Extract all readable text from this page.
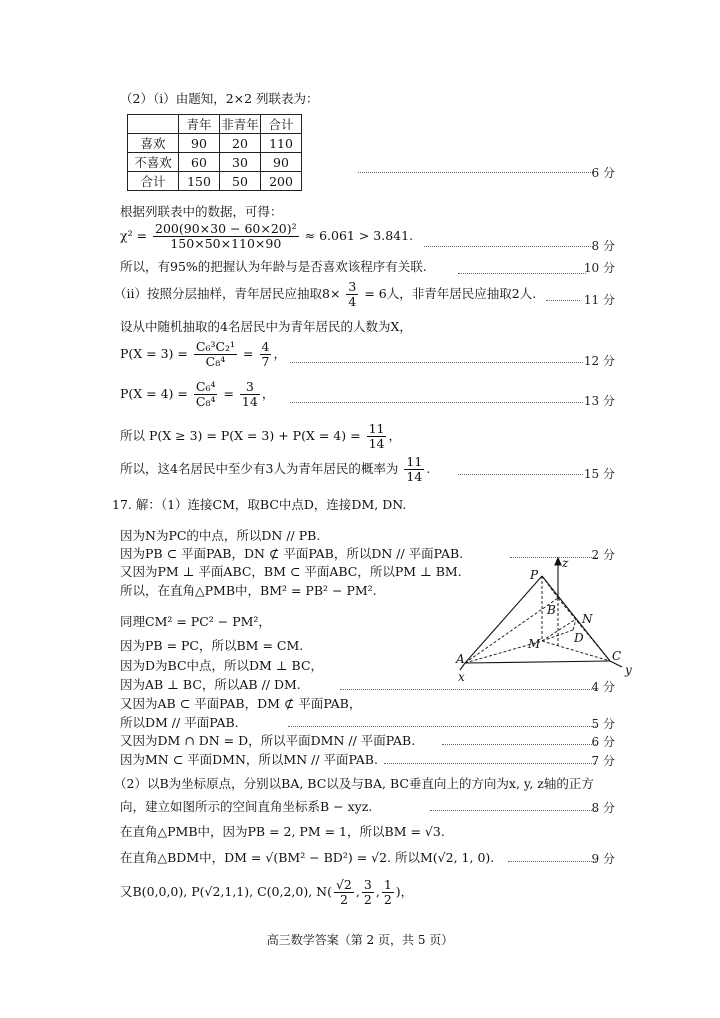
（2）（ⅰ）由题知，2×2 列联表为：
	青年	非青年	合计
喜欢	90	20	110
不喜欢	60	30	90
合计	150	50	200
6 分
根据列联表中的数据，可得：
$\chi^2 = \frac{\text{200(90×30 − 60×20)²}}{150\times 50\times 110\times 90} \approx 6.061 > 3.841$.
8 分
所以，有95%的把握认为年龄与是否喜欢该程序有关联.	10 分
（ⅱ）按照分层抽样，青年居民应抽取$8\times \frac{3}{4} = 6$人，非青年居民应抽取2人.	11 分
设从中随机抽取的4名居民中为青年居民的人数为X，
$P(X = 3) = \frac{\text{C₆³C₂¹}}{\text{C₈⁴}} = \frac{4}{7}$ ，	12 分
$P(X = 4) = \frac{\text{C₆⁴}}{\text{C₈⁴}} = \frac{3}{14}$ ，	13 分
所以 $P(X \ge 3) = P(X = 3) + P(X = 4) = \frac{11}{14}$ ，
所以，这4名居民中至少有3人为青年居民的概率为 $\frac{11}{14}$ .	15 分
17. 解：（1）连接CM，取BC中点D，连接DM, DN.
因为N为PC的中点，所以DN // PB.
因为PB ⊂ 平面PAB，DN ⊄ 平面PAB，所以DN // 平面PAB.	2 分
又因为PM ⊥ 平面ABC，BM ⊂ 平面ABC，所以PM ⊥ BM.
所以，在直角△PMB中，BM² = PB² − PM².
同理CM² = PC² − PM²，
因为PB = PC，所以BM = CM.
因为D为BC中点，所以DM ⊥ BC，
因为AB ⊥ BC，所以AB // DM.	4 分
又因为AB ⊂ 平面PAB，DM ⊄ 平面PAB，
所以DM // 平面PAB.	5 分
又因为DM ∩ DN = D，所以平面DMN // 平面PAB.	6 分
因为MN ⊂ 平面DMN，所以MN // 平面PAB.	7 分
（2）以B为坐标原点，分别以BA, BC以及与BA, BC垂直向上的方向为x, y, z轴的正方
向，建立如图所示的空间直角坐标系B − xyz.	8 分
在直角△PMB中，因为PB = 2, PM = 1，所以BM = √3.
在直角△BDM中，DM = √(BM² − BD²) = √2. 所以M(√2, 1, 0).	9 分
又B(0,0,0), P(√2,1,1), C(0,2,0), $N( \frac{√2}{2}$ , $\frac{3}{2}$ , $\frac{1}{2}$ )，
P
z
B
N
M	D
A	C
x	y
高三数学答案（第 2 页，共 5 页）
